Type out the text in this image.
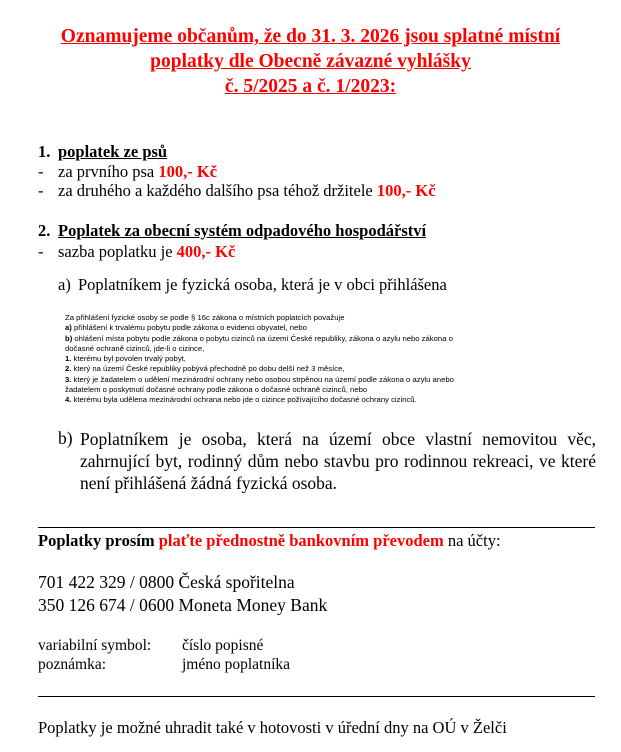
Oznamujeme občanům, že do 31. 3. 2026 jsou splatné místní
poplatky dle Obecně závazné vyhlášky
č. 5/2025 a č. 1/2023:
1. poplatek ze psů
- za prvního psa 100,- Kč
- za druhého a každého dalšího psa téhož držitele 100,- Kč
2. Poplatek za obecní systém odpadového hospodářství
- sazba poplatku je 400,- Kč
a) Poplatníkem je fyzická osoba, která je v obci přihlášena
Za přihlášení fyzické osoby se podle § 16c zákona o místních poplatcích považuje
a) přihlášení k trvalému pobytu podle zákona o evidenci obyvatel, nebo
b) ohlášení místa pobytu podle zákona o pobytu cizinců na území České republiky, zákona o azylu nebo zákona o
dočasné ochraně cizinců, jde-li o cizince,
1. kterému byl povolen trvalý pobyt,
2. který na území České republiky pobývá přechodně po dobu delší než 3 měsíce,
3. který je žadatelem o udělení mezinárodní ochrany nebo osobou strpěnou na území podle zákona o azylu anebo
žadatelem o poskytnutí dočasné ochrany podle zákona o dočasné ochraně cizinců, nebo
4. kterému byla udělena mezinárodní ochrana nebo jde o cizince požívajícího dočasné ochrany cizinců.
b) Poplatníkem je osoba, která na území obce vlastní nemovitou věc,
zahrnující byt, rodinný dům nebo stavbu pro rodinnou rekreaci, ve které
není přihlášená žádná fyzická osoba.
Poplatky prosím plaťte přednostně bankovním převodem na účty:
701 422 329 / 0800 Česká spořitelna
350 126 674 / 0600 Moneta Money Bank
variabilní symbol: číslo popisné
poznámka:	jméno poplatníka
Poplatky je možné uhradit také v hotovosti v úřední dny na OÚ v Želči
